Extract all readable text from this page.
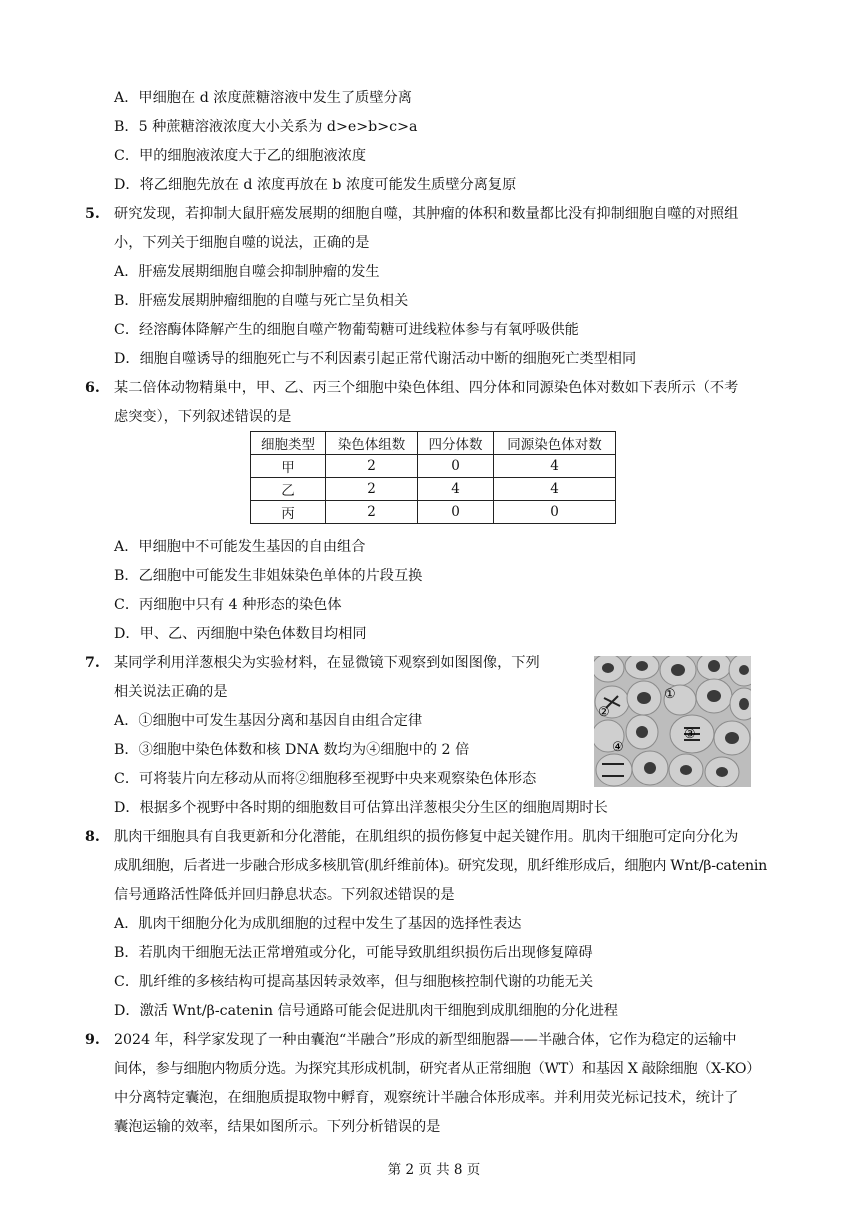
A．甲细胞在 d 浓度蔗糖溶液中发生了质壁分离
B．5 种蔗糖溶液浓度大小关系为 d>e>b>c>a
C．甲的细胞液浓度大于乙的细胞液浓度
D．将乙细胞先放在 d 浓度再放在 b 浓度可能发生质壁分离复原
5. 研究发现，若抑制大鼠肝癌发展期的细胞自噬，其肿瘤的体积和数量都比没有抑制细胞自噬的对照组
小，下列关于细胞自噬的说法，正确的是
A．肝癌发展期细胞自噬会抑制肿瘤的发生
B．肝癌发展期肿瘤细胞的自噬与死亡呈负相关
C．经溶酶体降解产生的细胞自噬产物葡萄糖可进线粒体参与有氧呼吸供能
D．细胞自噬诱导的细胞死亡与不利因素引起正常代谢活动中断的细胞死亡类型相同
6. 某二倍体动物精巢中，甲、乙、丙三个细胞中染色体组、四分体和同源染色体对数如下表所示（不考
虑突变），下列叙述错误的是
细胞类型	染色体组数	四分体数	同源染色体对数
甲	2	0	4
乙	2	4	4
丙	2	0	0
A．甲细胞中不可能发生基因的自由组合
B．乙细胞中可能发生非姐妹染色单体的片段互换
C．丙细胞中只有 4 种形态的染色体
D．甲、乙、丙细胞中染色体数目均相同
7. 某同学利用洋葱根尖为实验材料，在显微镜下观察到如图图像，下列
相关说法正确的是
A．①细胞中可发生基因分离和基因自由组合定律
B．③细胞中染色体数和核 DNA 数均为④细胞中的 2 倍
C．可将装片向左移动从而将②细胞移至视野中央来观察染色体形态
D．根据多个视野中各时期的细胞数目可估算出洋葱根尖分生区的细胞周期时长
①
②
③
④
8. 肌肉干细胞具有自我更新和分化潜能，在肌组织的损伤修复中起关键作用。肌肉干细胞可定向分化为
成肌细胞，后者进一步融合形成多核肌管(肌纤维前体)。研究发现，肌纤维形成后，细胞内 Wnt/β-catenin
信号通路活性降低并回归静息状态。下列叙述错误的是
A．肌肉干细胞分化为成肌细胞的过程中发生了基因的选择性表达
B．若肌肉干细胞无法正常增殖或分化，可能导致肌组织损伤后出现修复障碍
C．肌纤维的多核结构可提高基因转录效率，但与细胞核控制代谢的功能无关
D．激活 Wnt/β-catenin 信号通路可能会促进肌肉干细胞到成肌细胞的分化进程
9. 2024 年，科学家发现了一种由囊泡“半融合”形成的新型细胞器——半融合体，它作为稳定的运输中
间体，参与细胞内物质分选。为探究其形成机制，研究者从正常细胞（WT）和基因 X 敲除细胞（X-KO）
中分离特定囊泡，在细胞质提取物中孵育，观察统计半融合体形成率。并利用荧光标记技术，统计了
囊泡运输的效率，结果如图所示。下列分析错误的是
第 2 页 共 8 页
